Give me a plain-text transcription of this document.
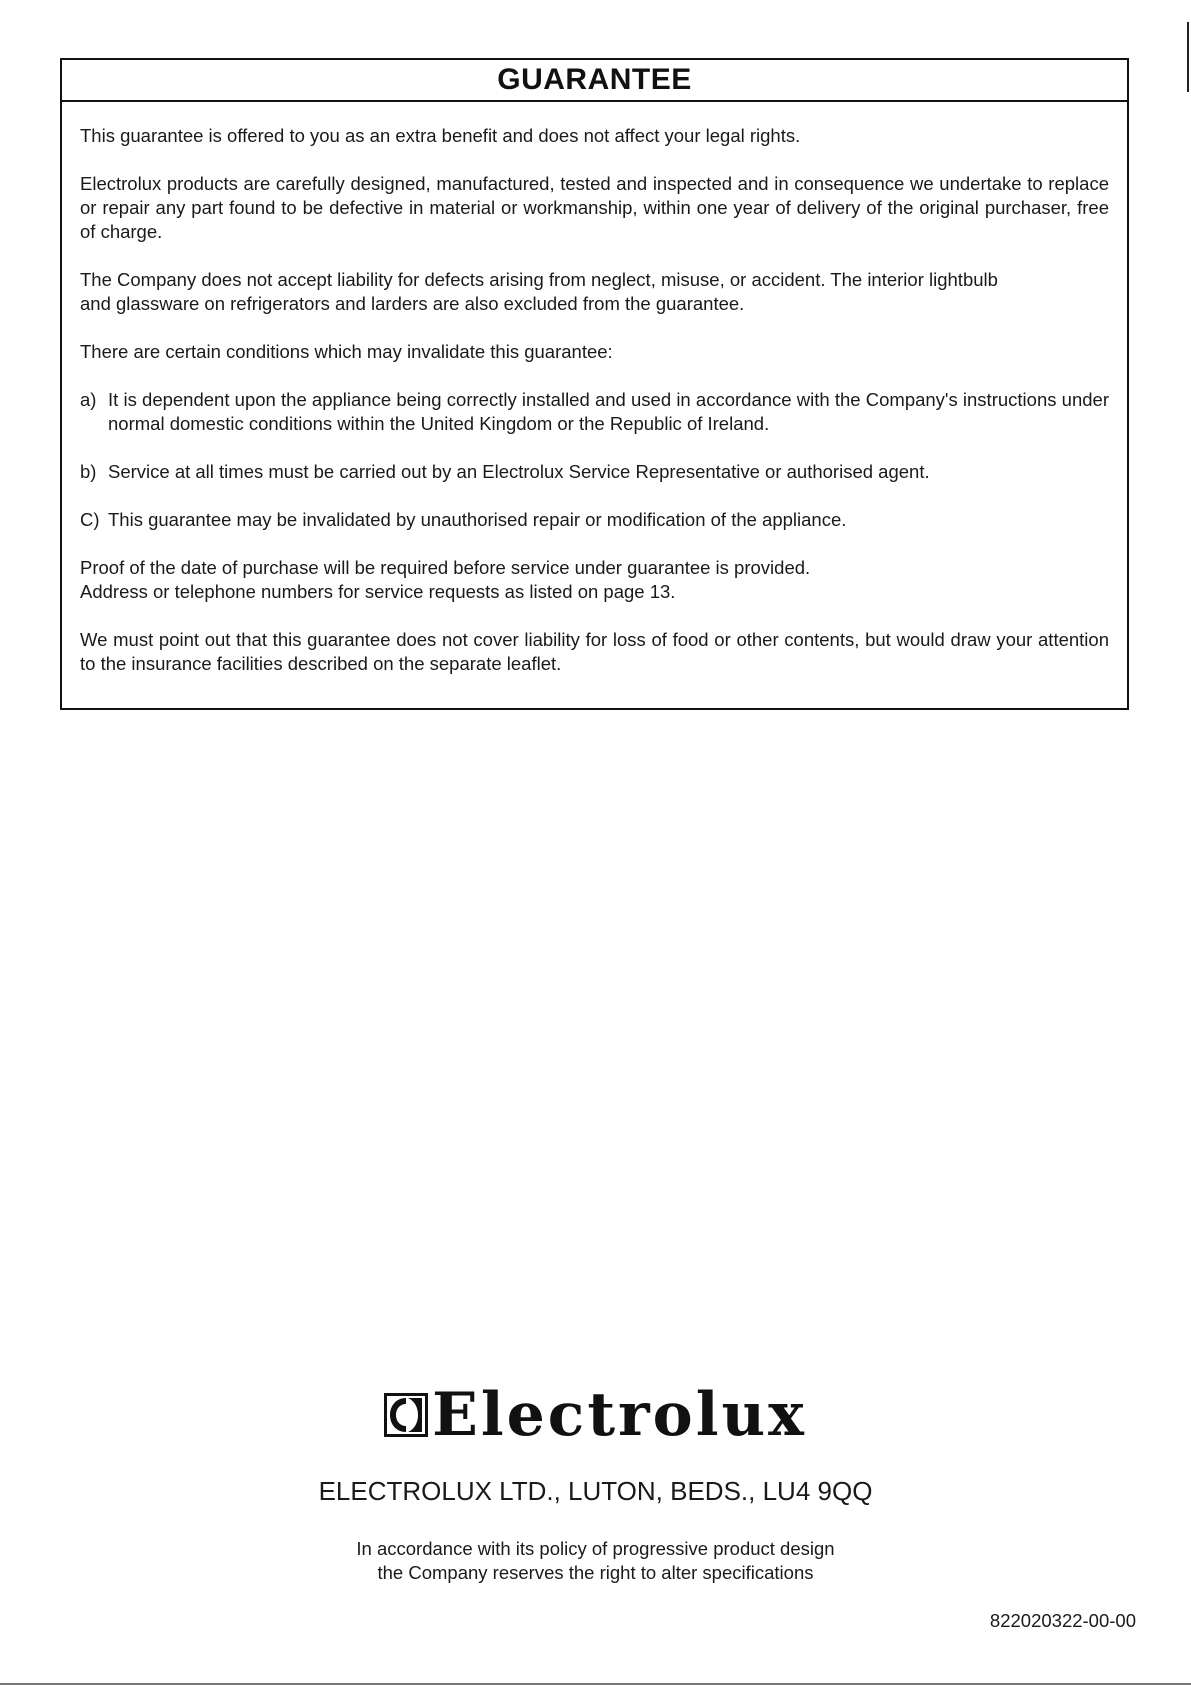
GUARANTEE

This guarantee is offered to you as an extra benefit and does not affect your legal rights.

Electrolux products are carefully designed, manufactured, tested and inspected and in consequence we undertake to replace or repair any part found to be defective in material or workmanship, within one year of delivery of the original purchaser, free of charge.

The Company does not accept liability for defects arising from neglect, misuse, or accident. The interior lightbulb
and glassware on refrigerators and larders are also excluded from the guarantee.

There are certain conditions which may invalidate this guarantee:

a) It is dependent upon the appliance being correctly installed and used in accordance with the Company's instructions under normal domestic conditions within the United Kingdom or the Republic of Ireland.
b) Service at all times must be carried out by an Electrolux Service Representative or authorised agent.
C) This guarantee may be invalidated by unauthorised repair or modification of the appliance.

Proof of the date of purchase will be required before service under guarantee is provided.
Address or telephone numbers for service requests as listed on page 13.

We must point out that this guarantee does not cover liability for loss of food or other contents, but would draw your attention to the insurance facilities described on the separate leaflet.

Electrolux
ELECTROLUX LTD., LUTON, BEDS., LU4 9QQ
In accordance with its policy of progressive product design
the Company reserves the right to alter specifications
822020322-00-00
